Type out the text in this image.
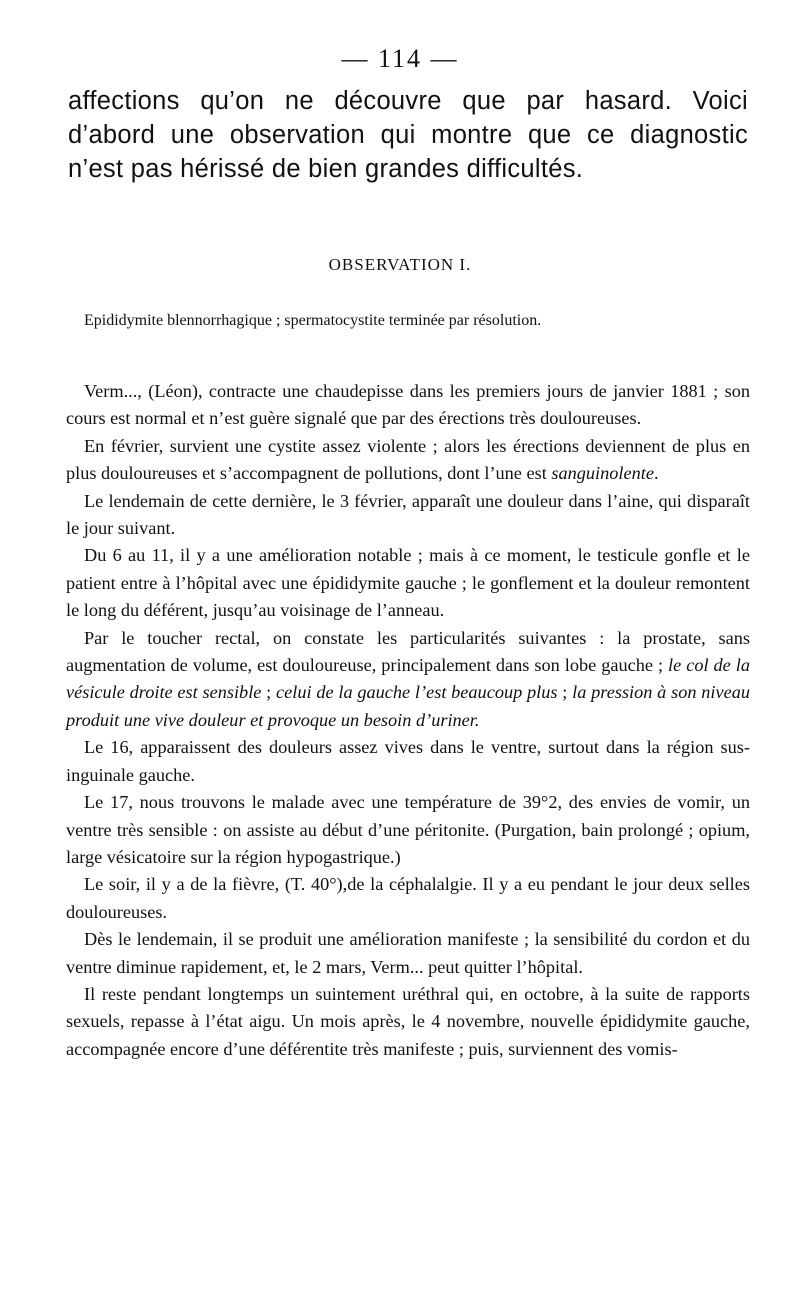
— 114 —

affections qu’on ne découvre que par hasard. Voici d’abord une observation qui montre que ce diagnostic n’est pas hérissé de bien grandes difficultés.

OBSERVATION I.
Epididymite blennorrhagique ; spermatocystite terminée par résolution.

Verm..., (Léon), contracte une chaudepisse dans les premiers jours de janvier 1881 ; son cours est normal et n’est guère signalé que par des érections très douloureuses.

En février, survient une cystite assez violente ; alors les érections deviennent de plus en plus douloureuses et s’accompagnent de pollutions, dont l’une est sanguinolente.

Le lendemain de cette dernière, le 3 février, apparaît une douleur dans l’aine, qui disparaît le jour suivant.

Du 6 au 11, il y a une amélioration notable ; mais à ce moment, le testicule gonfle et le patient entre à l’hôpital avec une épididymite gauche ; le gonflement et la douleur remontent le long du déférent, jusqu’au voisinage de l’anneau.

Par le toucher rectal, on constate les particularités suivantes : la prostate, sans augmentation de volume, est douloureuse, principalement dans son lobe gauche ; le col de la vésicule droite est sensible ; celui de la gauche l’est beaucoup plus ; la pression à son niveau produit une vive douleur et provoque un besoin d’uriner.

Le 16, apparaissent des douleurs assez vives dans le ventre, surtout dans la région sus-inguinale gauche.

Le 17, nous trouvons le malade avec une température de 39°2, des envies de vomir, un ventre très sensible : on assiste au début d’une péritonite. (Purgation, bain prolongé ; opium, large vésicatoire sur la région hypogastrique.)

Le soir, il y a de la fièvre, (T. 40°),de la céphalalgie. Il y a eu pendant le jour deux selles douloureuses.

Dès le lendemain, il se produit une amélioration manifeste ; la sensibilité du cordon et du ventre diminue rapidement, et, le 2 mars, Verm... peut quitter l’hôpital.

Il reste pendant longtemps un suintement uréthral qui, en octobre, à la suite de rapports sexuels, repasse à l’état aigu. Un mois après, le 4 novembre, nouvelle épididymite gauche, accompagnée encore d’une déférentite très manifeste ; puis, surviennent des vomis-
